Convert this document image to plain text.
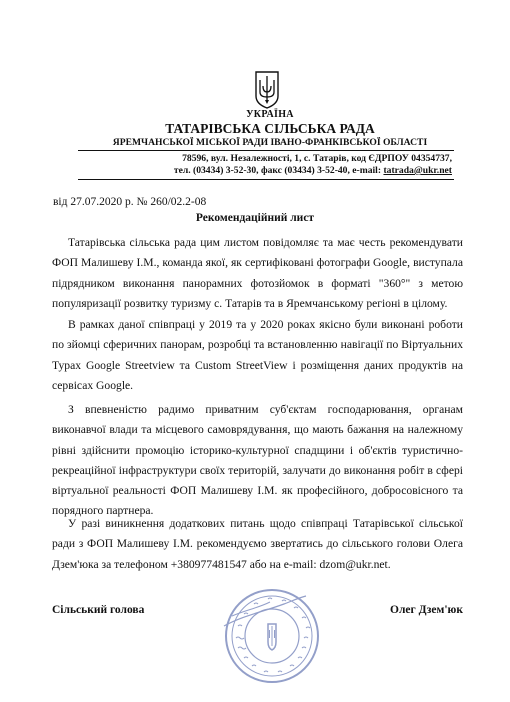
УКРАЇНА
ТАТАРІВСЬКА СІЛЬСЬКА РАДА
ЯРЕМЧАНСЬКОЇ МІСЬКОЇ РАДИ ІВАНО-ФРАНКІВСЬКОЇ ОБЛАСТІ
78596, вул. Незалежності, 1, с. Татарів, код ЄДРПОУ 04354737,
тел. (03434) 3-52-30, факс (03434) 3-52-40, e-mail: tatrada@ukr.net
від 27.07.2020 р. № 260/02.2-08
Рекомендаційний лист

Татарівська сільська рада цим листом повідомляє та має честь рекомендувати ФОП Малишеву І.М., команда якої, як сертифіковані фотографи Google, виступала підрядником виконання панорамних фотозйомок в форматі "360°" з метою популяризації розвитку туризму с. Татарів та в Яремчанському регіоні в цілому.

В рамках даної співпраці у 2019 та у 2020 роках якісно були виконані роботи по зйомці сферичних панорам, розробці та встановленню навігації по Віртуальних Турах Google Streetview та Custom StreetView і розміщення даних продуктів на сервісах Google.

З впевненістю радимо приватним суб'єктам господарювання, органам виконавчої влади та місцевого самоврядування, що мають бажання на належному рівні здійснити промоцію історико-культурної спадщини і об'єктів туристично-рекреаційної інфраструктури своїх територій, залучати до виконання робіт в сфері віртуальної реальності ФОП Малишеву І.М. як професійного, добросовісного та порядного партнера.

У разі виникнення додаткових питань щодо співпраці Татарівської сільської ради з ФОП Малишеву І.М. рекомендуємо звертатись до сільського голови Олега Дзем'юка за телефоном +380977481547 або на e-mail: dzom@ukr.net.

Сільський голова	Олег Дзем'юк
